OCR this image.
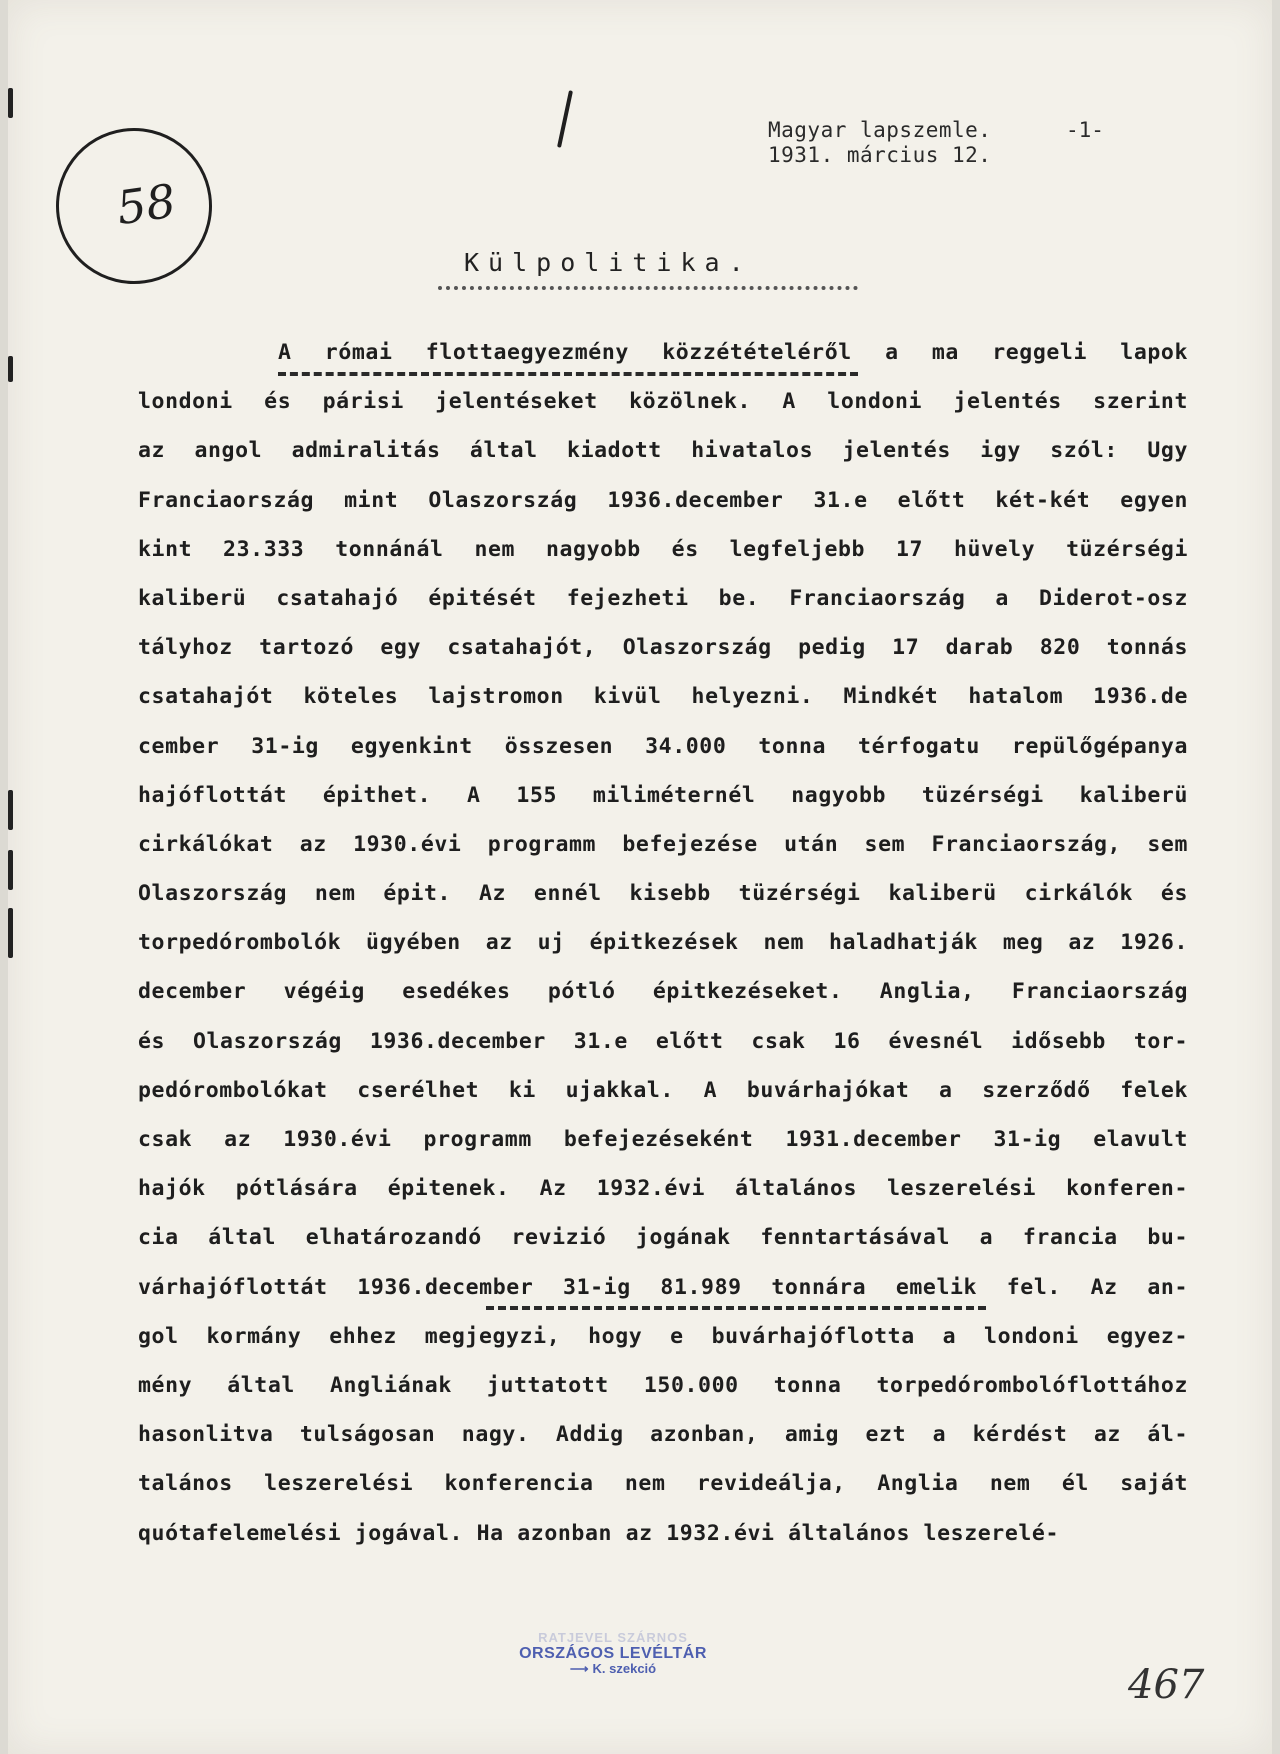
58
Magyar lapszemle.
1931. március 12.
-1-
Külpolitika.
A római flottaegyezmény közzétételéről a ma reggeli lapok
londoni és párisi jelentéseket közölnek. A londoni jelentés szerint
az angol admiralitás által kiadott hivatalos jelentés igy szól: Ugy
Franciaország mint Olaszország 1936.december 31.e előtt két-két egyen
kint 23.333 tonnánál nem nagyobb és legfeljebb 17 hüvely tüzérségi
kaliberü csatahajó épitését fejezheti be. Franciaország a Diderot-osz
tályhoz tartozó egy csatahajót, Olaszország pedig 17 darab 820 tonnás
csatahajót köteles lajstromon kivül helyezni. Mindkét hatalom 1936.de
cember 31-ig egyenkint összesen 34.000 tonna térfogatu repülőgépanya
hajóflottát épithet. A 155 miliméternél nagyobb tüzérségi kaliberü
cirkálókat az 1930.évi programm befejezése után sem Franciaország, sem
Olaszország nem épit. Az ennél kisebb tüzérségi kaliberü cirkálók és
torpedórombolók ügyében az uj épitkezések nem haladhatják meg az 1926.
december végéig esedékes pótló épitkezéseket. Anglia, Franciaország
és Olaszország 1936.december 31.e előtt csak 16 évesnél idősebb tor-
pedórombolókat cserélhet ki ujakkal. A buvárhajókat a szerződő felek
csak az 1930.évi programm befejezéseként 1931.december 31-ig elavult
hajók pótlására épitenek. Az 1932.évi általános leszerelési konferen-
cia által elhatározandó revizió jogának fenntartásával a francia bu-
várhajóflottát 1936.december 31-ig 81.989 tonnára emelik fel. Az an-
gol kormány ehhez megjegyzi, hogy e buvárhajóflotta a londoni egyez-
mény által Angliának juttatott 150.000 tonna torpedórombolóflottához
hasonlitva tulságosan nagy. Addig azonban, amig ezt a kérdést az ál-
talános leszerelési konferencia nem revideálja, Anglia nem él saját
quótafelemelési jogával. Ha azonban az 1932.évi általános leszerelé-
RATJEVEL SZÁRNOS
ORSZÁGOS LEVÉLTÁR
⟶ K. szekció	467
